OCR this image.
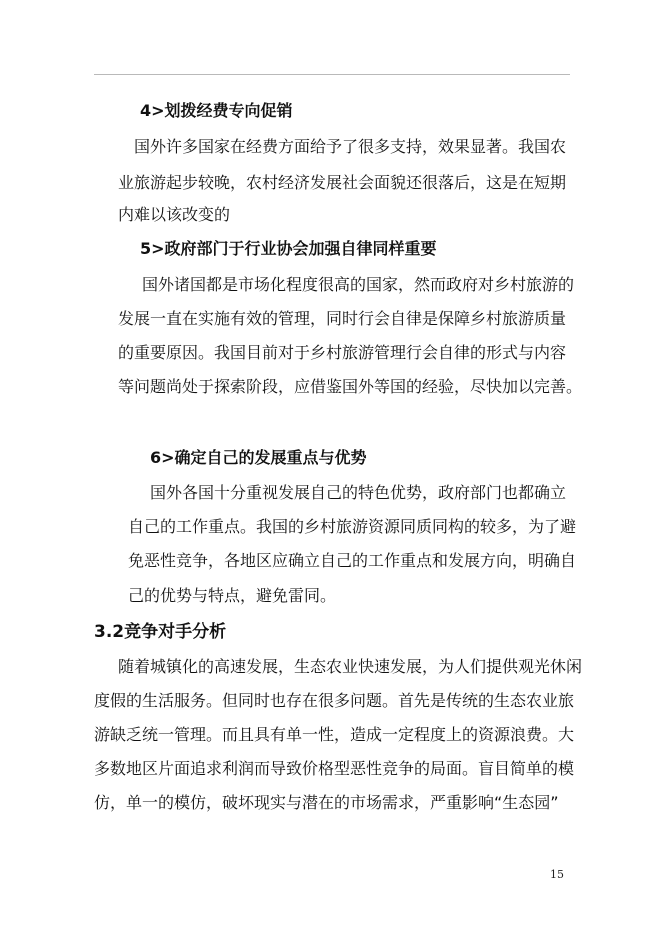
4>划拨经费专向促销
国外许多国家在经费方面给予了很多支持，效果显著。我国农
业旅游起步较晚，农村经济发展社会面貌还很落后，这是在短期
内难以该改变的
5>政府部门于行业协会加强自律同样重要
国外诸国都是市场化程度很高的国家，然而政府对乡村旅游的
发展一直在实施有效的管理，同时行会自律是保障乡村旅游质量
的重要原因。我国目前对于乡村旅游管理行会自律的形式与内容
等问题尚处于探索阶段，应借鉴国外等国的经验，尽快加以完善。
6>确定自己的发展重点与优势
国外各国十分重视发展自己的特色优势，政府部门也都确立
自己的工作重点。我国的乡村旅游资源同质同构的较多，为了避
免恶性竞争，各地区应确立自己的工作重点和发展方向，明确自
己的优势与特点，避免雷同。
3.2竞争对手分析
随着城镇化的高速发展，生态农业快速发展，为人们提供观光休闲
度假的生活服务。但同时也存在很多问题。首先是传统的生态农业旅
游缺乏统一管理。而且具有单一性，造成一定程度上的资源浪费。大
多数地区片面追求利润而导致价格型恶性竞争的局面。盲目简单的模
仿，单一的模仿，破坏现实与潜在的市场需求，严重影响“生态园”
15
